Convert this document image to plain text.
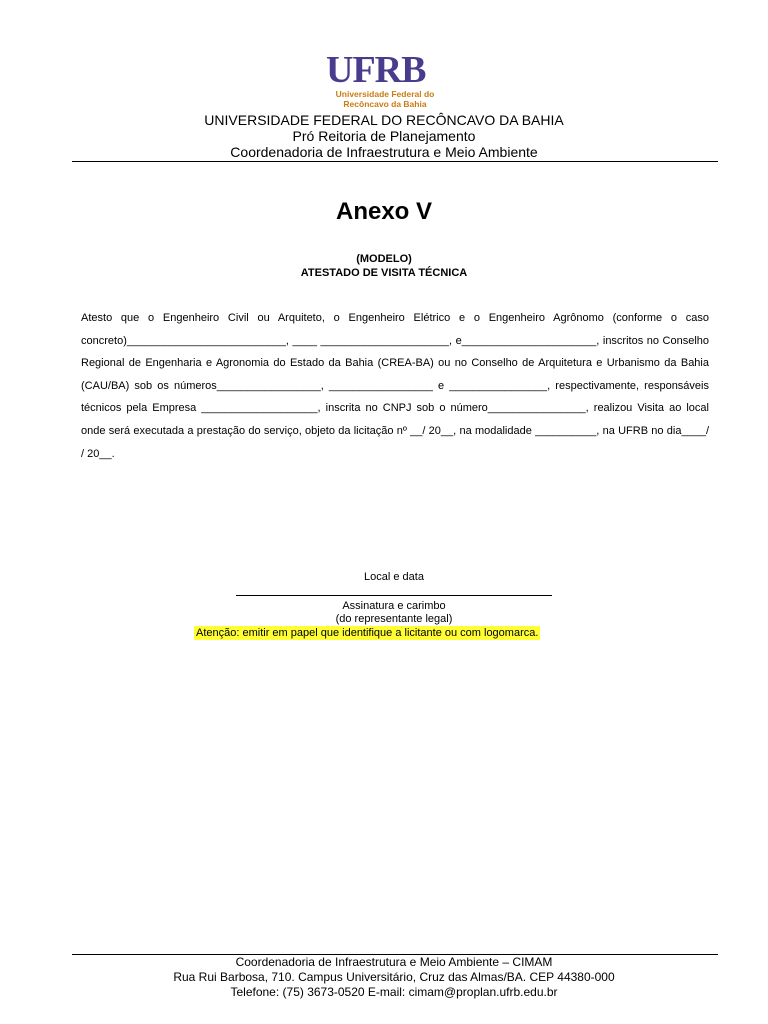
UFRB
Universidade Federal do
Recôncavo da Bahia
UNIVERSIDADE FEDERAL DO RECÔNCAVO DA BAHIA
Pró Reitoria de Planejamento
Coordenadoria de Infraestrutura e Meio Ambiente
Anexo V
(MODELO)
ATESTADO DE VISITA TÉCNICA
Atesto que o Engenheiro Civil ou Arquiteto, o Engenheiro Elétrico e o Engenheiro Agrônomo (conforme o caso concreto)__________________________, ____ _____________________, e______________________, inscritos no Conselho Regional de Engenharia e Agronomia do Estado da Bahia (CREA-BA) ou no Conselho de Arquitetura e Urbanismo da Bahia (CAU/BA) sob os números_________________, _________________ e ________________, respectivamente, responsáveis técnicos pela Empresa ___________________, inscrita no CNPJ sob o número________________, realizou Visita ao local onde será executada a prestação do serviço, objeto da licitação nº __/ 20__, na modalidade __________, na UFRB no dia____/ / 20__.
Local e data
Assinatura e carimbo
(do representante legal)
Atenção: emitir em papel que identifique a licitante ou com logomarca.
Coordenadoria de Infraestrutura e Meio Ambiente – CIMAM
Rua Rui Barbosa, 710. Campus Universitário, Cruz das Almas/BA. CEP 44380-000
Telefone: (75) 3673-0520 E-mail: cimam@proplan.ufrb.edu.br
